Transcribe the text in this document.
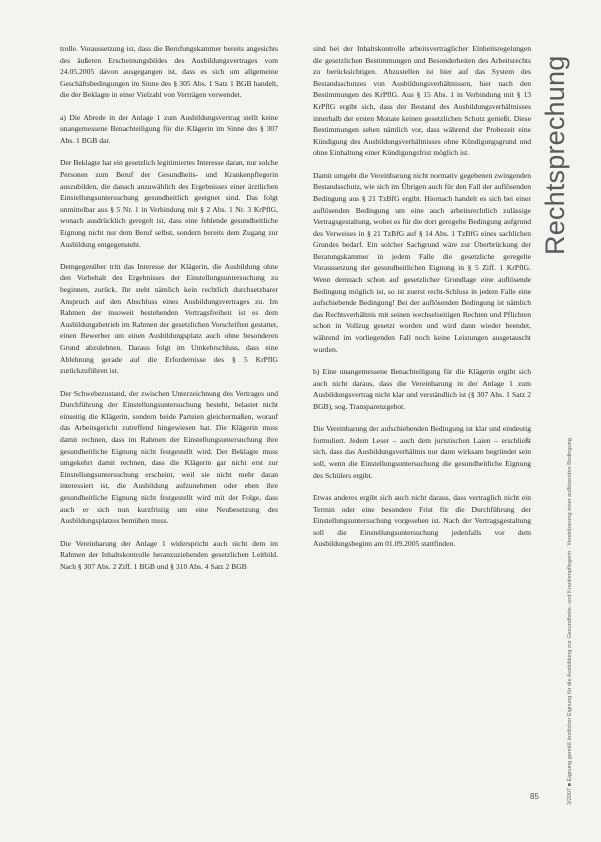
trolle. Voraussetzung ist, dass die Berufungskammer bereits angesichts des äußeren Erscheinungsbildes des Ausbildungsvertrages vom 24.05.2005 davon ausgegangen ist, dass es sich um allgemeine Geschäftsbedingungen im Sinne des § 305 Abs. 1 Satz 1 BGB handelt, die der Beklagte in einer Vielzahl von Verträgen verwendet.

a) Die Abrede in der Anlage 1 zum Ausbildungsvertrag stellt keine unangemessene Benachteiligung für die Klägerin im Sinne des § 307 Abs. 1 BGB dar.

Der Beklagte hat ein gesetzlich legitimiertes Interesse daran, nur solche Personen zum Beruf der Gesundheits- und Krankenpflegerin auszubilden, die danach anzuwählich des Ergebnisses einer ärztlichen Einstellungsuntersuchung gesundheitlich geeignet sind. Das folgt unmittelbar aus § 5 Nr. 1 in Verbindung mit § 2 Abs. 1 Nr. 3 KrPflG, wonach ausdrücklich geregelt ist, dass eine fehlende gesundheitliche Eignung nicht nur dem Beruf selbst, sondern bereits dem Zugang zur Ausbildung entgegensteht.

Demgegenüber tritt das Interesse der Klägerin, die Ausbildung ohne den Vorbehalt des Ergebnisses der Einstellungsuntersuchung zu beginnen, zurück. Ihr steht nämlich kein rechtlich durchsetzbarer Anspruch auf den Abschluss eines Ausbildungsvertrages zu. Im Rahmen der insoweit bestehenden Vertragsfreiheit ist es dem Ausbildungsbetrieb im Rahmen der gesetzlichen Vorschriften gestattet, einen Bewerber um einen Ausbildungsplatz auch ohne besonderen Grund abzulehnen. Daraus folgt im Umkehrschluss, dass eine Ablehnung gerade auf die Erfordernisse des § 5 KrPflG zurückzuführen ist.

Der Schwebezustand, der zwischen Unterzeichnung des Vertrages und Durchführung der Einstellungsuntersuchung besteht, belastet nicht einseitig die Klägerin, sondern beide Parteien gleichermaßen, worauf das Arbeitsgericht zutreffend hingewiesen hat. Die Klägerin muss damit rechnen, dass im Rahmen der Einstellungsuntersuchung ihre gesundheitliche Eignung nicht festgestellt wird. Der Beklagte muss umgekehrt damit rechnen, dass die Klägerin gar nicht erst zur Einstellungsuntersuchung erscheint, weil sie nicht mehr daran interessiert ist, die Ausbildung aufzunehmen oder eben ihre gesundheitliche Eignung nicht festgestellt wird mit der Folge, dass auch er sich nun kurzfristig um eine Neubesetzung des Ausbildungsplatzes bemühen muss.

Die Vereinbarung der Anlage 1 widerspricht auch nicht dem im Rahmen der Inhaltskontrolle heranzuziehenden gesetzlichen Leitbild. Nach § 307 Abs. 2 Ziff. 1 BGB und § 310 Abs. 4 Satz 2 BGB

sind bei der Inhaltskontrolle arbeitsvertraglicher Einheitsregelungen die gesetzlichen Bestimmungen und Besonderheiten des Arbeitsrechts zu berücksichtigen. Abzustellen ist hier auf das System des Bestandsschutzes von Ausbildungsverhältnissen, hier nach den Bestimmungen des KrPflG. Aus § 15 Abs. 1 in Verbindung mit § 13 KrPflG ergibt sich, dass der Bestand des Ausbildungsverhältnisses innerhalb der ersten Monate keinen gesetzlichen Schutz genießt. Diese Bestimmungen sehen nämlich vor, dass während der Probezeit eine Kündigung des Ausbildungsverhältnisses ohne Kündigungsgrund und ohne Einhaltung einer Kündigungsfrist möglich ist.

Damit umgeht die Vereinbarung nicht normativ gegebenen zwingenden Bestandsschutz, wie sich im Übrigen auch für den Fall der auflösenden Bedingung aus § 21 TzBfG ergibt. Hiernach handelt es sich bei einer auflösenden Bedingung um eine auch arbeitsrechtlich zulässige Vertragsgestaltung, wobei es für die dort geregelte Bedingung aufgrund des Verweises in § 21 TzBfG auf § 14 Abs. 1 TzBfG eines sachlichen Grundes bedarf. Ein solcher Sachgrund wäre zur Überbrückung der Beratungskammer in jedem Falle die gesetzliche geregelte Voraussetzung der gesundheitlichen Eignung in § 5 Ziff. 1 KrPflG. Wenn demnach schon auf gesetzlicher Grundlage eine auflösende Bedingung möglich ist, so ist zuerst recht-Schluss in jedem Falle eine aufschiebende Bedingung! Bei der auflösenden Bedingung ist nämlich das Rechtsverhältnis mit seinen wechselseitigen Rechten und Pflichten schon in Vollzug gesetzt worden und wird dann wieder beendet, während im vorliegenden Fall noch keine Leistungen ausgetauscht wurden.

b) Eine unangemessene Benachteiligung für die Klägerin ergibt sich auch nicht daraus, dass die Vereinbarung in der Anlage 1 zum Ausbildungsvertrag nicht klar und verständlich ist (§ 307 Abs. 1 Satz 2 BGB), sog. Transparenzgebot.

Die Vereinbarung der aufschiebenden Bedingung ist klar und eindeutig formuliert. Jedem Leser – auch dem juristischen Laien – erschließt sich, dass das Ausbildungsverhältnis nur dann wirksam begründet sein soll, wenn die Einstellungsuntersuchung die gesundheitliche Eignung des Schülers ergibt.

Etwas anderes ergibt sich auch nicht daraus, dass vertraglich nicht ein Termin oder eine besondere Frist für die Durchführung der Einstellungsuntersuchung vorgesehen ist. Nach der Vertragsgestaltung soll die Einstellungsuntersuchung jedenfalls vor dem Ausbildungsbeginn am 01.09.2005 stattfinden.

Rechtsprechung
3/2007 ■ Eignung gemäß ärztlicher Eignung für die Ausbildung zur Gesundheits- und Krankenpflegerin · Vereinbarung einer auflösenden Bedingung
85
